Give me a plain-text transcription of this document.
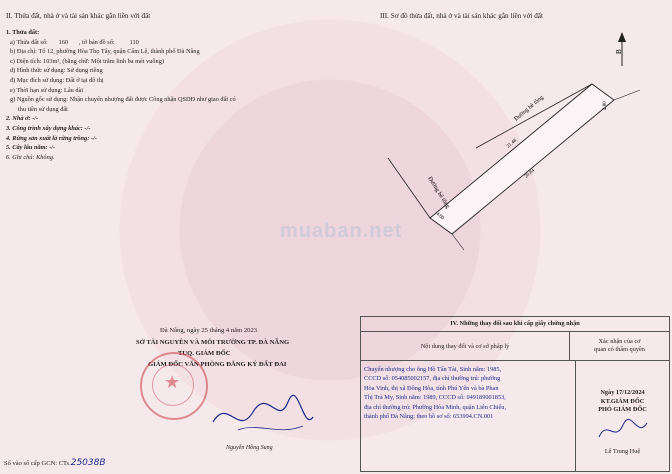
muaban.net
II. Thửa đất, nhà ở và tài sản khác gắn liền với đất	III. Sơ đồ thửa đất, nhà ở và tài sản khác gắn liền với đất
1. Thửa đất:
a) Thửa đất số: 160 , tờ bản đồ số: 110
b) Địa chỉ: Tổ 12, phường Hòa Thọ Tây, quận Cẩm Lệ, thành phố Đà Nẵng
c) Diện tích: 103m², (bằng chữ: Một trăm linh ba mét vuông)
d) Hình thức sử dụng: Sử dụng riêng
đ) Mục đích sử dụng: Đất ở tại đô thị
e) Thời hạn sử dụng: Lâu dài
g) Nguồn gốc sử dụng: Nhận chuyển nhượng đất được Công nhận QSDĐ như giao đất có
thu tiền sử dụng đất
2. Nhà ở: -/-
3. Công trình xây dựng khác: -/-
4. Rừng sản xuất là rừng trồng: -/-
5. Cây lâu năm: -/-
6. Ghi chú: Không.
Đà Nẵng, ngày 25 tháng 4 năm 2023
SỞ TÀI NGUYÊN VÀ MÔI TRƯỜNG TP. ĐÀ NẴNG
TUQ. GIÁM ĐỐC
GIÁM ĐỐC VĂN PHÒNG ĐĂNG KÝ ĐẤT ĐAI
★
Nguyễn Hồng Sung
Số vào sổ cấp GCN: CTs.25038B
B
Đường bê tông
Đường bê tông
21.48
4.80
20.84
4.80
IV. Những thay đổi sau khi cấp giấy chứng nhận
Nội dung thay đổi và cơ sở pháp lý
Xác nhận của cơ
quan có thẩm quyền
Chuyển nhượng cho ông Hồ Tấn Tài, Sinh năm: 1985,
CCCD số: 054085002157, địa chỉ thường trú: phường
Hòa Vinh, thị xã Đông Hòa, tỉnh Phú Yên và bà Phan
Thị Trà My, Sinh năm: 1989, CCCD số: 049189001853,
địa chỉ thường trú: Phường Hòa Minh, quận Liên Chiểu,
thành phố Đà Nẵng; theo hồ sơ số: 653994.CN.001
Ngày 17/12/2024
KT.GIÁM ĐỐC
PHÓ GIÁM ĐỐC
Lê Trung Huệ
